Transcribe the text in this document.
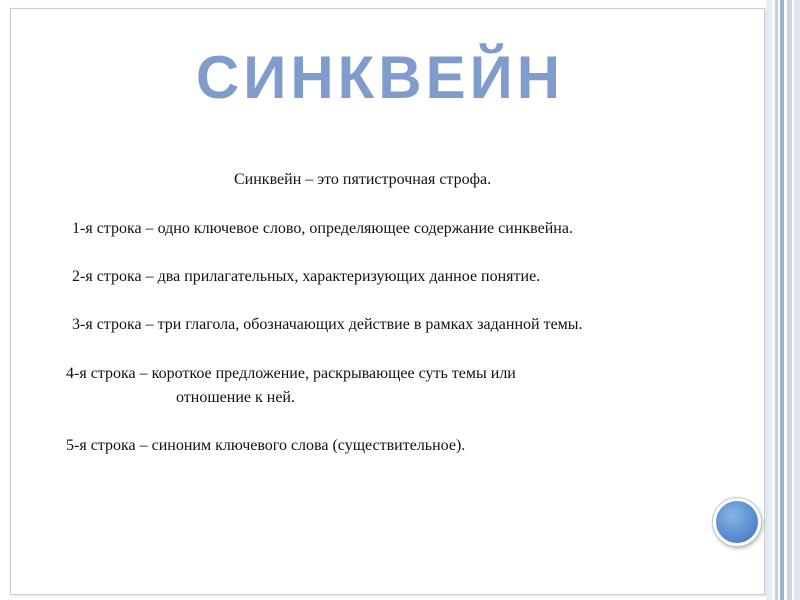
СИНКВЕЙН
Синквейн – это пятистрочная строфа.
1-я строка – одно ключевое слово, определяющее содержание синквейна.
2-я строка – два прилагательных, характеризующих данное понятие.
3-я строка – три глагола, обозначающих действие в рамках заданной темы.
4-я строка – короткое предложение, раскрывающее суть темы или
отношение к ней.
5-я строка – синоним ключевого слова (существительное).
